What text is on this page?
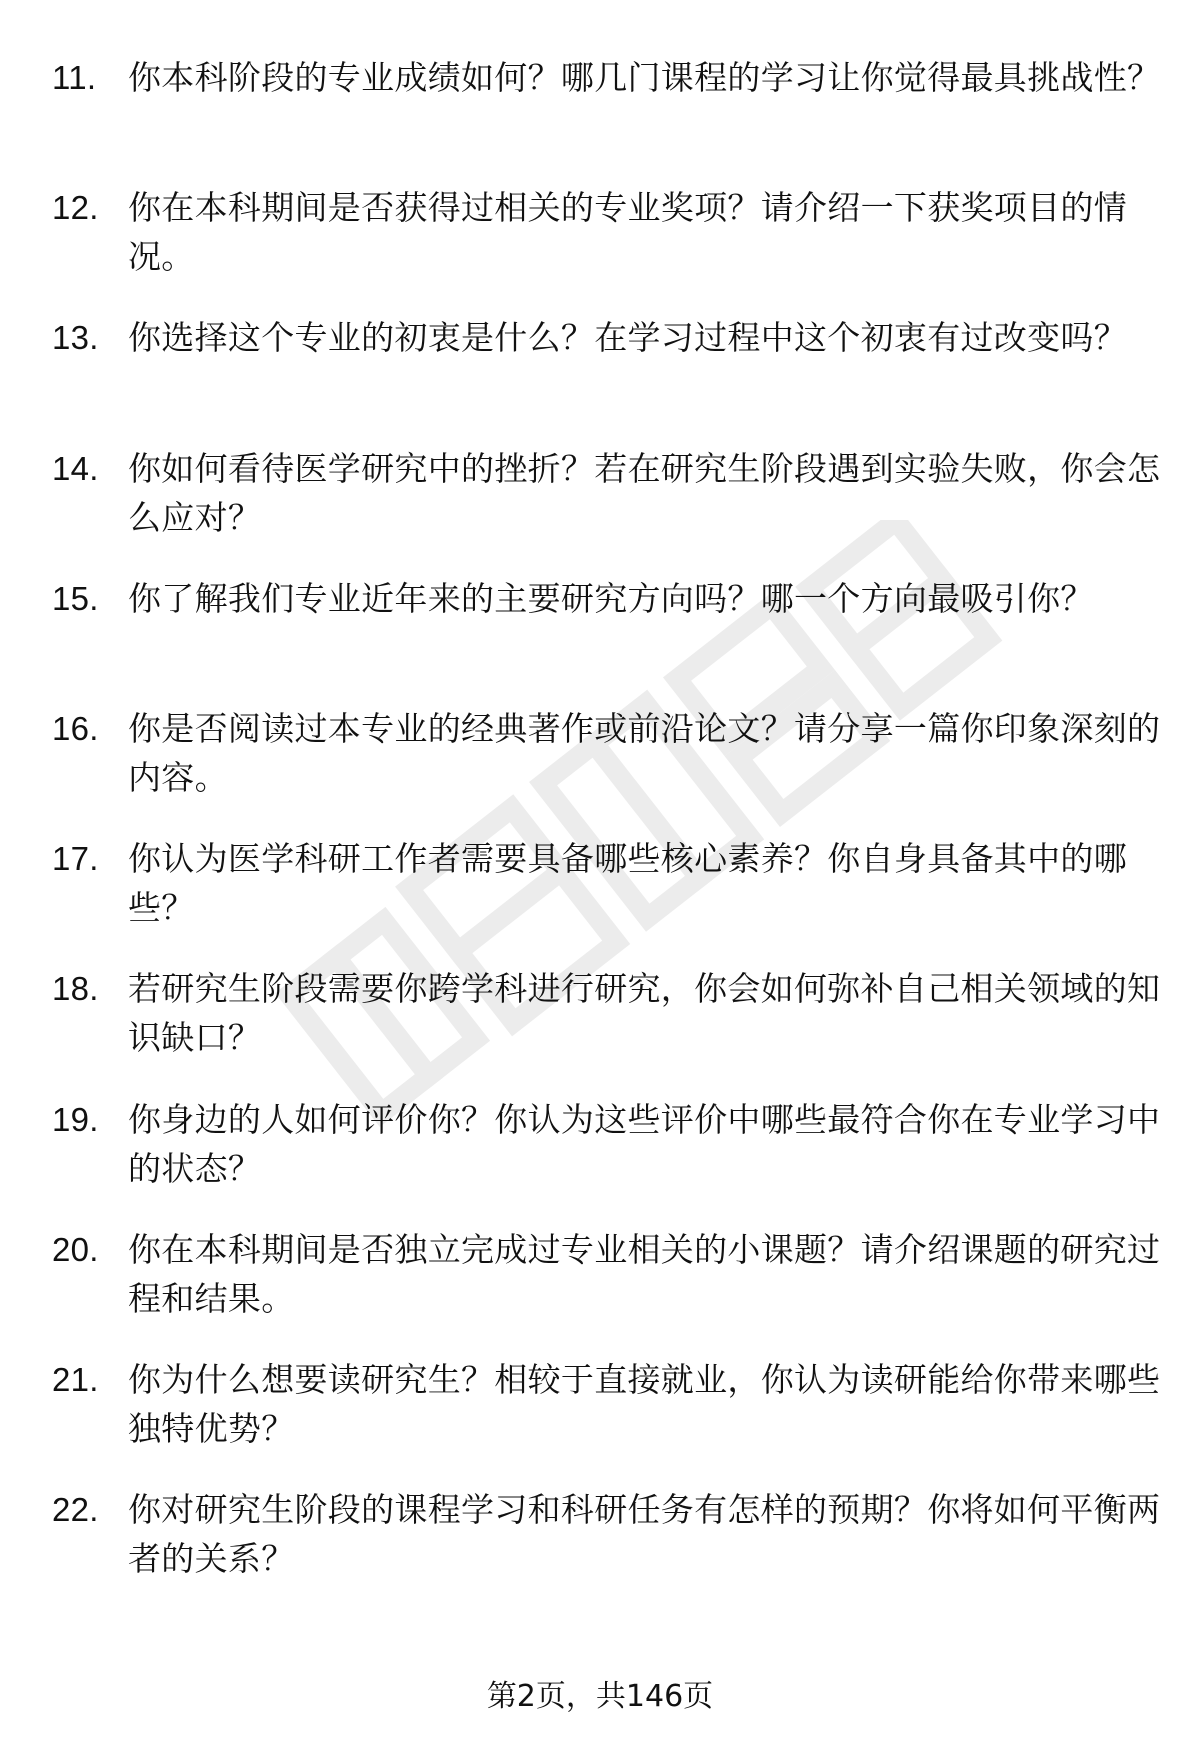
11. 你本科阶段的专业成绩如何？哪几门课程的学习让你觉得最具挑战性？
12. 你在本科期间是否获得过相关的专业奖项？请介绍一下获奖项目的情况。
13. 你选择这个专业的初衷是什么？在学习过程中这个初衷有过改变吗？
14. 你如何看待医学研究中的挫折？若在研究生阶段遇到实验失败，你会怎么应对？
15. 你了解我们专业近年来的主要研究方向吗？哪一个方向最吸引你？
16. 你是否阅读过本专业的经典著作或前沿论文？请分享一篇你印象深刻的内容。
17. 你认为医学科研工作者需要具备哪些核心素养？你自身具备其中的哪些？
18. 若研究生阶段需要你跨学科进行研究，你会如何弥补自己相关领域的知识缺口？
19. 你身边的人如何评价你？你认为这些评价中哪些最符合你在专业学习中的状态？
20. 你在本科期间是否独立完成过专业相关的小课题？请介绍课题的研究过程和结果。
21. 你为什么想要读研究生？相较于直接就业，你认为读研能给你带来哪些独特优势？
22. 你对研究生阶段的课程学习和科研任务有怎样的预期？你将如何平衡两者的关系？
第2页，共146页
